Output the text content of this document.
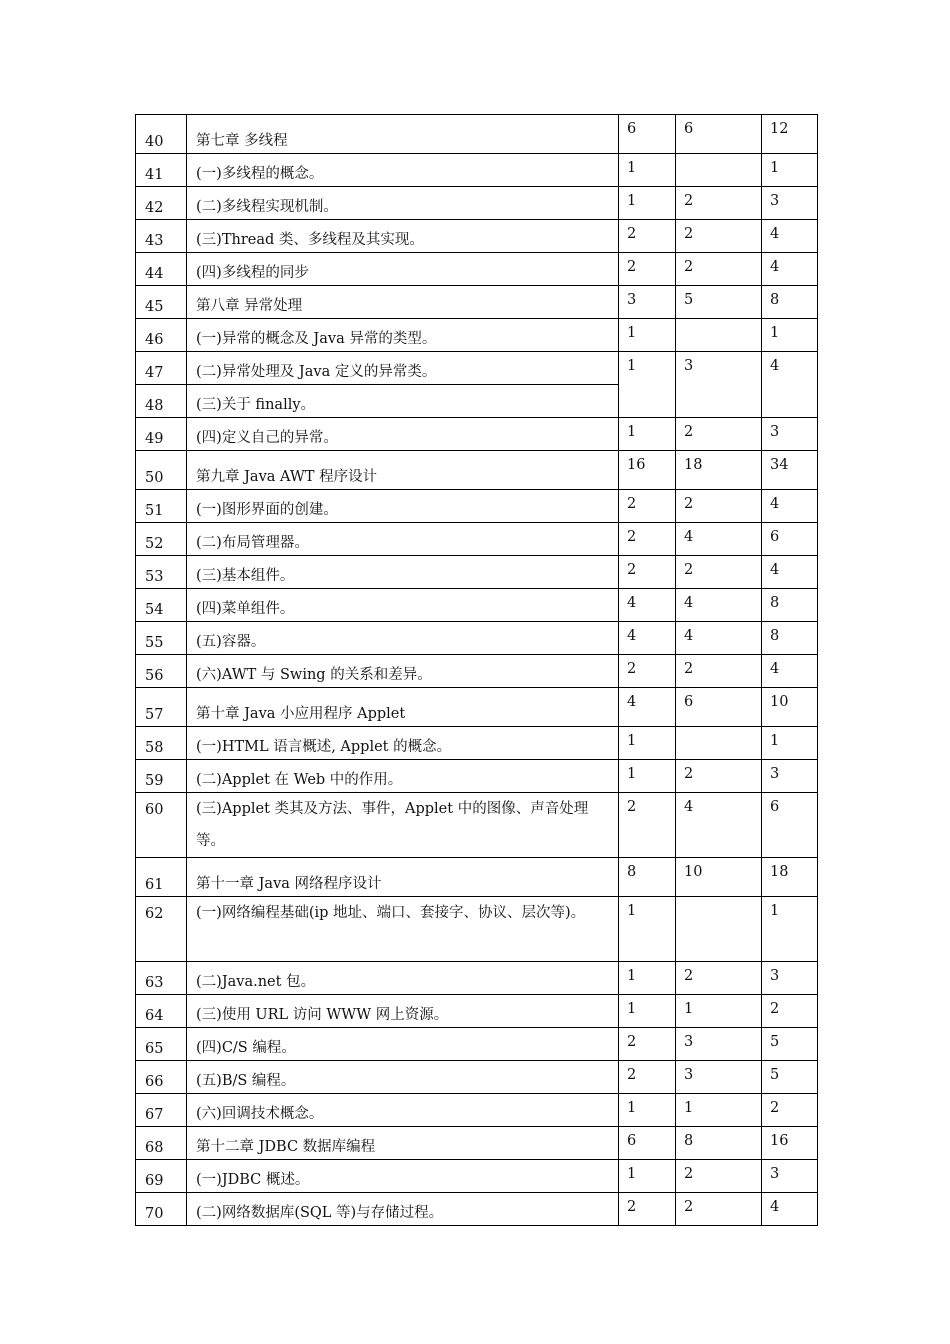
40	第七章 多线程	6	6	12

41	(一)多线程的概念。	1		1

42	(二)多线程实现机制。	1	2	3

43	(三)Thread 类、多线程及其实现。	2	2	4

44	(四)多线程的同步	2	2	4

45	第八章 异常处理	3	5	8

46	(一)异常的概念及 Java 异常的类型。	1		1

47	(二)异常处理及 Java 定义的异常类。	1	3	4

48	(三)关于 finally。			

49	(四)定义自己的异常。	1	2	3

50	第九章 Java AWT 程序设计	16	18	34

51	(一)图形界面的创建。	2	2	4

52	(二)布局管理器。	2	4	6

53	(三)基本组件。	2	2	4

54	(四)菜单组件。	4	4	8

55	(五)容器。	4	4	8

56	(六)AWT 与 Swing 的关系和差异。	2	2	4

57	第十章 Java 小应用程序 Applet	4	6	10

58	(一)HTML 语言概述, Applet 的概念。	1		1

59	(二)Applet 在 Web 中的作用。	1	2	3

60	(三)Applet 类其及方法、事件，Applet 中的图像、声音处理等。	2	4	6

61	第十一章 Java 网络程序设计	8	10	18

62	(一)网络编程基础(ip 地址、端口、套接字、协议、层次等)。	1		1

63	(二)Java.net 包。	1	2	3

64	(三)使用 URL 访问 WWW 网上资源。	1	1	2

65	(四)C/S 编程。	2	3	5

66	(五)B/S 编程。	2	3	5

67	(六)回调技术概念。	1	1	2

68	第十二章 JDBC 数据库编程	6	8	16

69	(一)JDBC 概述。	1	2	3

70	(二)网络数据库(SQL 等)与存储过程。	2	2	4
